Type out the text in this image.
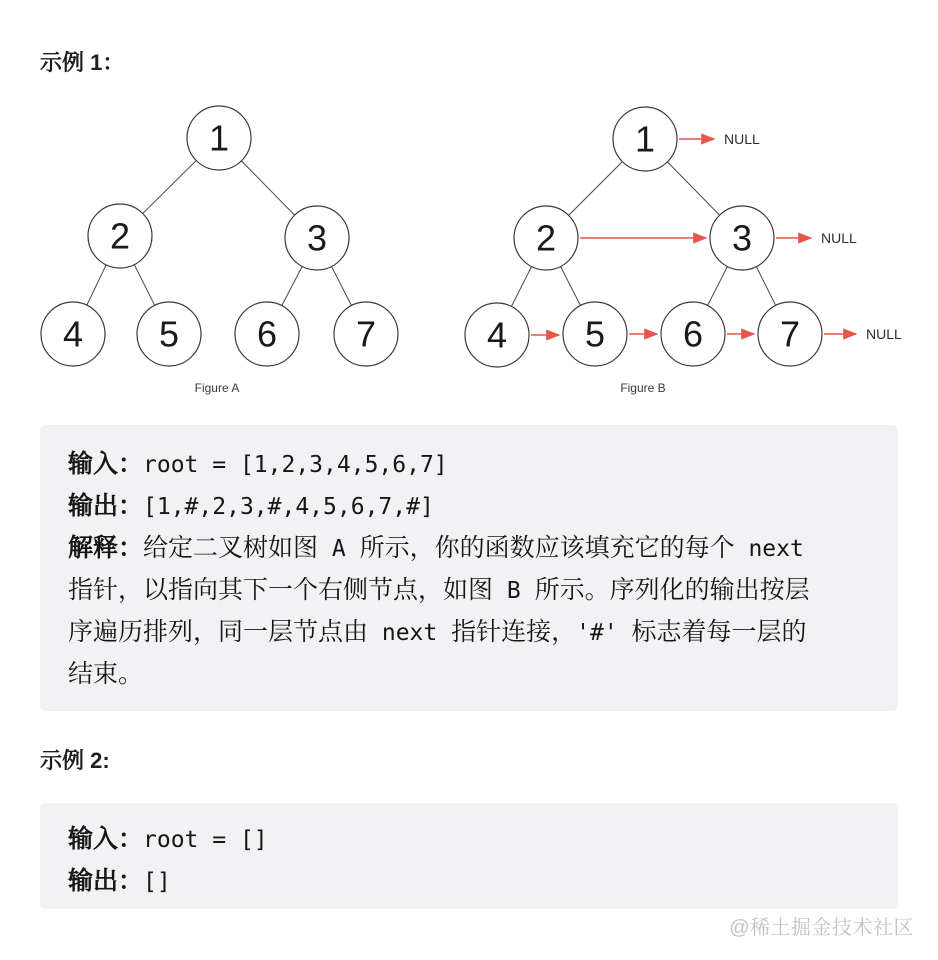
示例 1：
1
2	3
4 5 6 7
Figure A
NULL
NULL
NULL
1
2	3
4 5 6 7
Figure B
输入：root = [1,2,3,4,5,6,7]
输出：[1,#,2,3,#,4,5,6,7,#]
解释：给定二叉树如图 A 所示，你的函数应该填充它的每个 next
指针，以指向其下一个右侧节点，如图 B 所示。序列化的输出按层
序遍历排列，同一层节点由 next 指针连接，'#' 标志着每一层的
结束。
示例 2:
输入：root = []
输出：[]
@稀土掘金技术社区
